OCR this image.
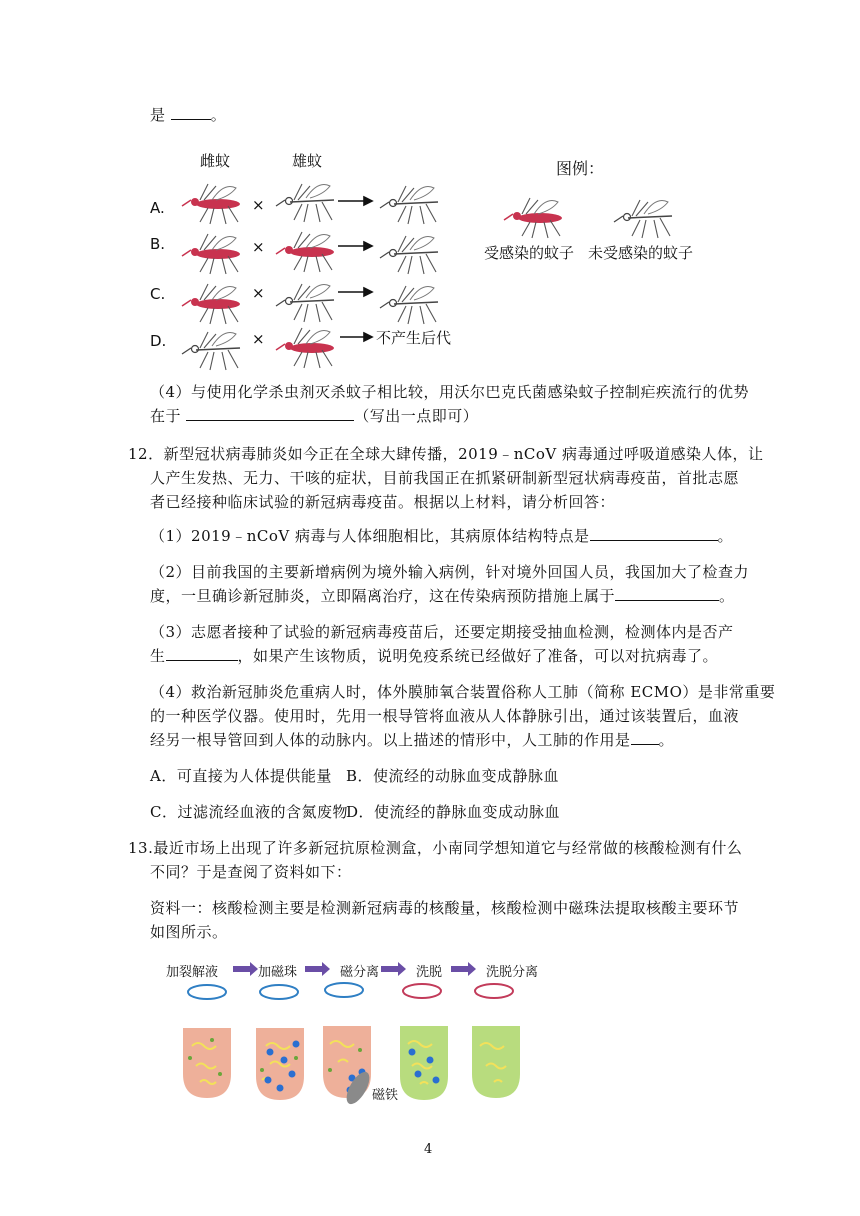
是	。
雌蚊	雄蚊
A.
B.
C.
D.
×
×
×
×	不产生后代
图例：
受感染的蚊子 未受感染的蚊子
（4）与使用化学杀虫剂灭杀蚊子相比较，用沃尔巴克氏菌感染蚊子控制疟疾流行的优势
在于	（写出一点即可）
12．新型冠状病毒肺炎如今正在全球大肆传播，2019﹣nCoV 病毒通过呼吸道感染人体，让
人产生发热、无力、干咳的症状，目前我国正在抓紧研制新型冠状病毒疫苗，首批志愿
者已经接种临床试验的新冠病毒疫苗。根据以上材料，请分析回答：
（1）2019﹣nCoV 病毒与人体细胞相比，其病原体结构特点是	。
（2）目前我国的主要新增病例为境外输入病例，针对境外回国人员，我国加大了检查力
度，一旦确诊新冠肺炎，立即隔离治疗，这在传染病预防措施上属于	。
（3）志愿者接种了试验的新冠病毒疫苗后，还要定期接受抽血检测，检测体内是否产
生	，如果产生该物质，说明免疫系统已经做好了准备，可以对抗病毒了。
（4）救治新冠肺炎危重病人时，体外膜肺氧合装置俗称人工肺（简称 ECMO）是非常重要
的一种医学仪器。使用时，先用一根导管将血液从人体静脉引出，通过该装置后，血液
经另一根导管回到人体的动脉内。以上描述的情形中，人工肺的作用是 。
A．可直接为人体提供能量 B．使流经的动脉血变成静脉血
C．过滤流经血液的含氮废物
D．使流经的静脉血变成动脉血
13.最近市场上出现了许多新冠抗原检测盒，小南同学想知道它与经常做的核酸检测有什么
不同？于是查阅了资料如下：
资料一：核酸检测主要是检测新冠病毒的核酸量，核酸检测中磁珠法提取核酸主要环节
如图所示。
加裂解液	加磁珠	磁分离	洗脱	洗脱分离
磁铁
4
